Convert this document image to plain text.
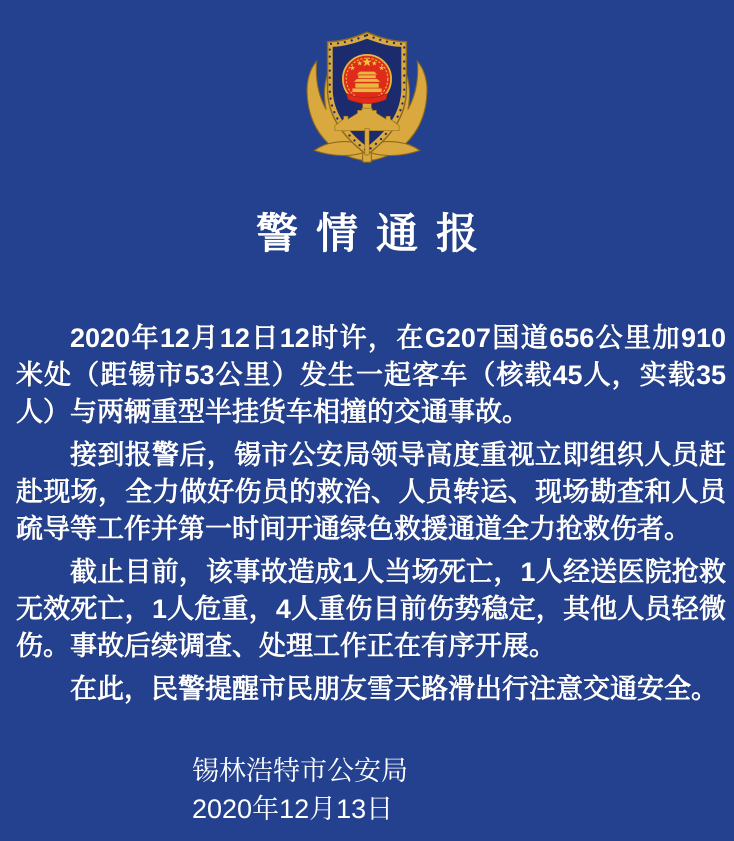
警情通报

2020年12月12日12时许，在G207国道656公里加910米处（距锡市53公里）发生一起客车（核载45人，实载35人）与两辆重型半挂货车相撞的交通事故。

接到报警后，锡市公安局领导高度重视立即组织人员赶赴现场，全力做好伤员的救治、人员转运、现场勘查和人员疏导等工作并第一时间开通绿色救援通道全力抢救伤者。

截止目前，该事故造成1人当场死亡，1人经送医院抢救无效死亡，1人危重，4人重伤目前伤势稳定，其他人员轻微伤。事故后续调查、处理工作正在有序开展。

在此，民警提醒市民朋友雪天路滑出行注意交通安全。

锡林浩特市公安局
2020年12月13日
